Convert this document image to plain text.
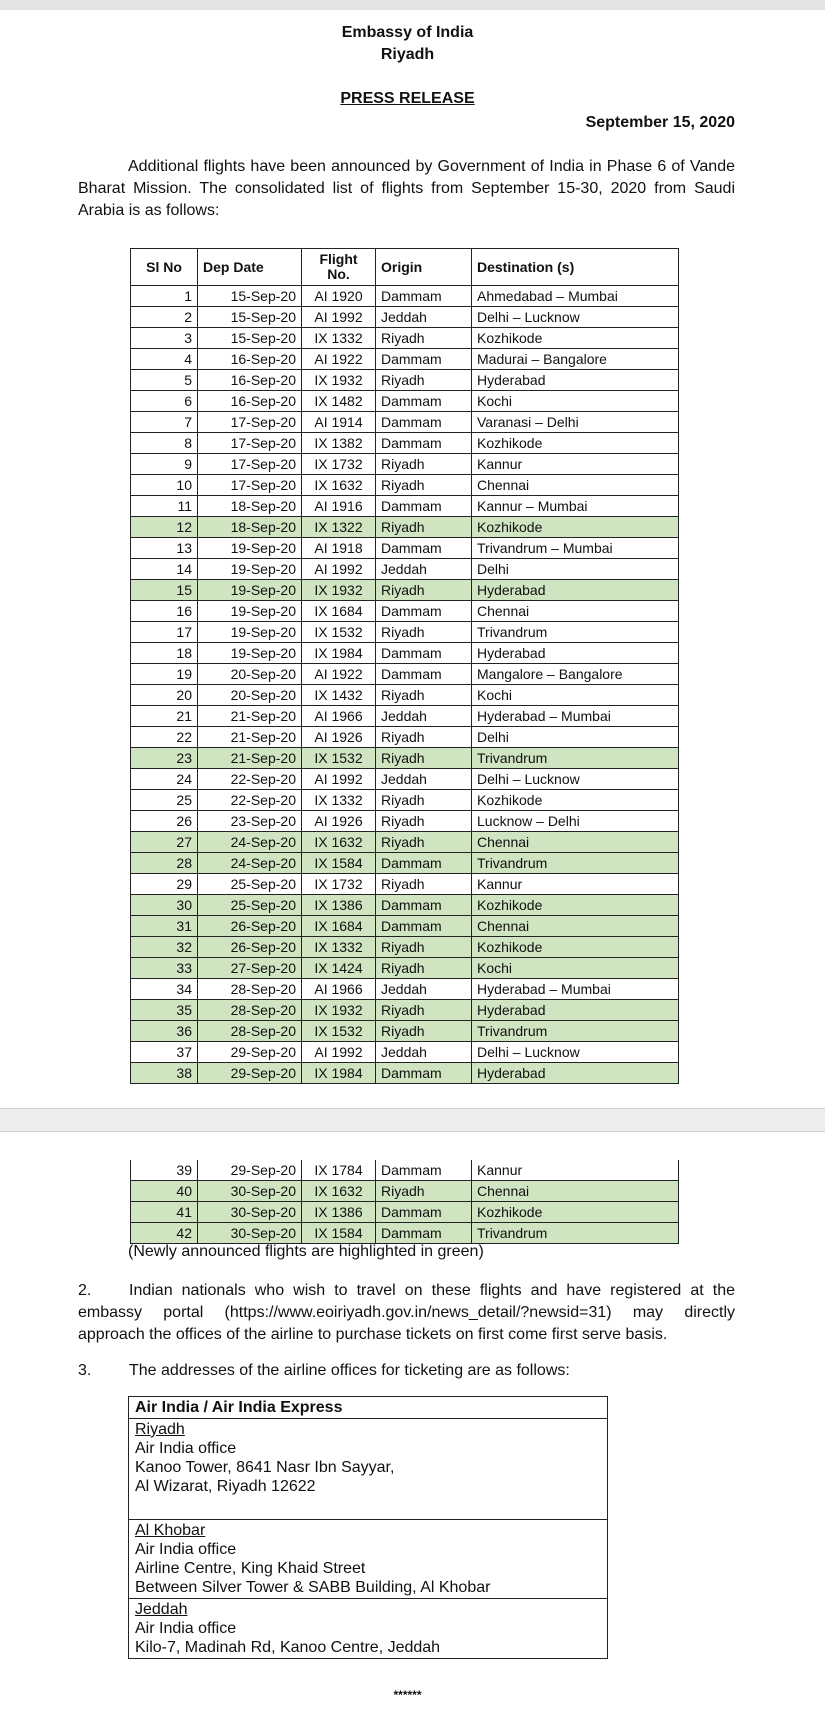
Embassy of India
Riyadh
PRESS RELEASE
September 15, 2020
Additional flights have been announced by Government of India in Phase 6 of Vande Bharat Mission. The consolidated list of flights from September 15-30, 2020 from Saudi Arabia is as follows:
Sl No	Dep Date	Flight No.	Origin	Destination (s)
1	15-Sep-20	AI 1920	Dammam	Ahmedabad – Mumbai
2	15-Sep-20	AI 1992	Jeddah	Delhi – Lucknow
3	15-Sep-20	IX 1332	Riyadh	Kozhikode
4	16-Sep-20	AI 1922	Dammam	Madurai – Bangalore
5	16-Sep-20	IX 1932	Riyadh	Hyderabad
6	16-Sep-20	IX 1482	Dammam	Kochi
7	17-Sep-20	AI 1914	Dammam	Varanasi – Delhi
8	17-Sep-20	IX 1382	Dammam	Kozhikode
9	17-Sep-20	IX 1732	Riyadh	Kannur
10	17-Sep-20	IX 1632	Riyadh	Chennai
11	18-Sep-20	AI 1916	Dammam	Kannur – Mumbai
12	18-Sep-20	IX 1322	Riyadh	Kozhikode
13	19-Sep-20	AI 1918	Dammam	Trivandrum – Mumbai
14	19-Sep-20	AI 1992	Jeddah	Delhi
15	19-Sep-20	IX 1932	Riyadh	Hyderabad
16	19-Sep-20	IX 1684	Dammam	Chennai
17	19-Sep-20	IX 1532	Riyadh	Trivandrum
18	19-Sep-20	IX 1984	Dammam	Hyderabad
19	20-Sep-20	AI 1922	Dammam	Mangalore – Bangalore
20	20-Sep-20	IX 1432	Riyadh	Kochi
21	21-Sep-20	AI 1966	Jeddah	Hyderabad – Mumbai
22	21-Sep-20	AI 1926	Riyadh	Delhi
23	21-Sep-20	IX 1532	Riyadh	Trivandrum
24	22-Sep-20	AI 1992	Jeddah	Delhi – Lucknow
25	22-Sep-20	IX 1332	Riyadh	Kozhikode
26	23-Sep-20	AI 1926	Riyadh	Lucknow – Delhi
27	24-Sep-20	IX 1632	Riyadh	Chennai
28	24-Sep-20	IX 1584	Dammam	Trivandrum
29	25-Sep-20	IX 1732	Riyadh	Kannur
30	25-Sep-20	IX 1386	Dammam	Kozhikode
31	26-Sep-20	IX 1684	Dammam	Chennai
32	26-Sep-20	IX 1332	Riyadh	Kozhikode
33	27-Sep-20	IX 1424	Riyadh	Kochi
34	28-Sep-20	AI 1966	Jeddah	Hyderabad – Mumbai
35	28-Sep-20	IX 1932	Riyadh	Hyderabad
36	28-Sep-20	IX 1532	Riyadh	Trivandrum
37	29-Sep-20	AI 1992	Jeddah	Delhi – Lucknow
38	29-Sep-20	IX 1984	Dammam	Hyderabad
39	29-Sep-20	IX 1784	Dammam	Kannur
40	30-Sep-20	IX 1632	Riyadh	Chennai
41	30-Sep-20	IX 1386	Dammam	Kozhikode
42	30-Sep-20	IX 1584	Dammam	Trivandrum
(Newly announced flights are highlighted in green)
2. Indian nationals who wish to travel on these flights and have registered at the embassy portal (https://www.eoiriyadh.gov.in/news_detail/?newsid=31) may directly approach the offices of the airline to purchase tickets on first come first serve basis.
3. The addresses of the airline offices for ticketing are as follows:
Air India / Air India Express
Riyadh
Air India office
Kanoo Tower, 8641 Nasr Ibn Sayyar,
Al Wizarat, Riyadh 12622
Al Khobar
Air India office
Airline Centre, King Khaid Street
Between Silver Tower & SABB Building, Al Khobar
Jeddah
Air India office
Kilo-7, Madinah Rd, Kanoo Centre, Jeddah
******
